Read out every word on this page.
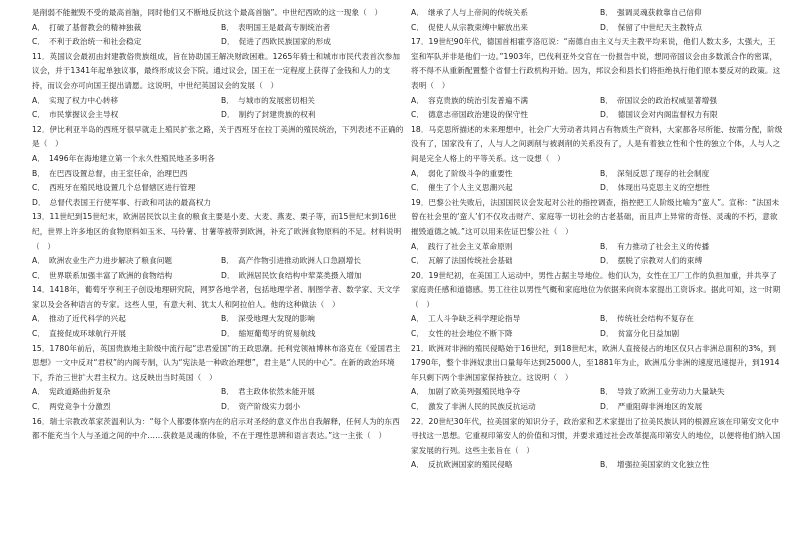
是削弱不能摧毁不受的最高首脑，同时他们又不断地反抗这个最高首脑”。中世纪西欧的这一现象（　）

A． 打破了基督教会的精神独裁	B． 表明国王是最高专制统治者
C． 不利于政治统一和社会稳定	D． 促进了西欧民族国家的形成

11．英国议会最初由封建教俗贵族组成，旨在协助国王解决财政困难。1265年骑士和城市市民代表首次参加议会，并于1341年起单独议事，最终形成议会下院。通过议会，国王在一定程度上获得了金钱和人力的支持，而议会亦可向国王提出请愿。这说明，中世纪英国议会的发展（　）

A． 实现了权力中心转移	B． 与城市的发展密切相关
C． 市民掌握议会主导权	D． 制约了封建贵族的权利

12．伊比利亚半岛的西班牙很早就走上殖民扩张之路，关于西班牙在拉丁美洲的殖民统治，下列表述不正确的是（　）

A． 1496年在海地建立第一个永久性殖民地圣多明各
B． 在巴西设置总督，由王室任命，治理巴西
C． 西班牙在殖民地设置几个总督辖区进行管理
D． 总督代表国王行使军事、行政和司法的最高权力

13．11世纪到15世纪末，欧洲居民饮以主食的粮食主要是小麦、大麦、燕麦、栗子等，而15世纪末到16世纪，世界上许多地区的食物原料如玉米、马铃薯、甘薯等被带到欧洲，补充了欧洲食物原料的不足。材料说明（　）

A． 欧洲农业生产力进步解决了粮食问题	B． 高产作物引进推动欧洲人口急剧增长
C． 世界联系加强丰富了欧洲的食物结构	D． 欧洲居民饮食结构中荤菜类摄入增加

14．1418年，葡萄牙亨利王子创设地理研究院，网罗各地学者，包括地理学者、制图学者、数学家、天文学家以及会各种语言的专家。这些人里，有意大利、犹太人和阿拉伯人。他的这种做法（　）

A． 推动了近代科学的兴起	B． 深受地理大发现的影响
C． 直接促成环球航行开展	D． 缩短葡萄牙的贸易航线

15．1780年前后，英国贵族地主阶级中流行起“忠君爱国”的王政思潮。托利党领袖博林布洛克在《爱国君主思想》一文中反对“君权”的内阁专制，认为“宪法是一种政治理想”，君主是“人民的中心”。在新的政治环境下，乔治三世扩大君主权力。这反映出当时英国（　）

A． 宪政道路曲折复杂	B． 君主政体依然未能开展
C． 两党竞争十分激烈	D． 资产阶级实力弱小

16．瑞士宗教改革家茨温利认为：“每个人都要体察内在的启示对圣经的意义作出自我解释，任何人为的东西都不能充当个人与圣道之间的中介……获救是灵魂的体验，不在于理性思辨和语言表达。”这一主张（　）

A． 继承了人与上帝间的传统关系	B． 强调灵魂获救靠自己信仰
C． 促使人从宗教束缚中解放出来	D． 保留了中世纪天主教特点

17．19世纪90年代，德国首相霍亨洛厄说：“南德自由主义与天主教平均来说，他们人数太多，太强大，王室和军队并非是他们一边。”1903年，巴伐利亚外交官在一份报告中说，想同帝国议会由多数派合作的密谋，将不得不从重新配置整个省督士行政机构开始。因为，邦议会和县长们将拒绝执行他们原本要反对的政策。这表明（　）

A． 容克贵族的统治引发普遍不满	B． 帝国议会的政治权威显著增强
C． 德意志帝国政治建设的保守性	D． 德国议会对内阁监督权力有限

18．马克思所描述的未来理想中，社会广大劳动者共同占有物质生产资料，大家都各尽所能、按需分配，阶级没有了，国家没有了，人与人之间剥削与被剥削的关系没有了，人是有着独立性和个性的独立个体，人与人之间是完全人格上的平等关系。这一设想（　）

A． 弱化了阶级斗争的重要性	B． 深刻反思了现存的社会制度
C． 催生了个人主义思潮兴起	D． 体现出马克思主义的空想性

19．巴黎公社失败后，法国国民议会发起对公社的指控调查，指控把工人阶级比喻为“蛮人”。宣称：“法国未曾在社会里的‘蛮人’们不仅攻击财产、家庭等一切社会的古老基础，而且声上异常的奇怪、灵魂的不朽，意欲摧毁道德之城。”这可以用来佐证巴黎公社（　）

A． 践行了社会主义革命原则	B． 有力推动了社会主义的传播
C． 瓦解了法国传统社会基础	D． 摆脱了宗教对人们的束缚

20．19世纪初，在美国工人运动中，男性占据主导地位。他们认为，女性在工厂工作的负担加重，并共享了家庭责任感和道德感。男工往往以男性气概和家庭地位为依据来向资本家提出工资诉求。据此可知，这一时期（　）

A． 工人斗争缺乏科学理论指导	B． 传统社会结构不复存在
C． 女性的社会地位不断下降	D． 贫富分化日益加剧

21．欧洲对非洲的殖民侵略始于16世纪，到18世纪末，欧洲人直接侵占的地区仅只占非洲总面积的3%，到1790年，整个非洲奴隶出口量每年达到25000人，至1881年为止，欧洲瓜分非洲的速度迅速提升，到1914年只剩下两个非洲国家保持独立。这说明（　）

A． 加剧了欧美列强殖民地争夺	B． 导致了欧洲工业劳动力大量缺失
C． 激发了非洲人民的民族反抗运动	D． 严重阻碍非洲地区的发展

22．20世纪30年代，拉美国家的知识分子，政治家和艺术家提出了拉美民族认同的根源应该在印第安文化中寻找这一思想。它重视印第安人的价值和习惯，并要求通过社会改革提高印第安人的地位，以便将他们纳入国家发展的行列。这些主张旨在（　）

A． 反抗欧洲国家的殖民侵略	B． 增强拉美国家的文化独立性
